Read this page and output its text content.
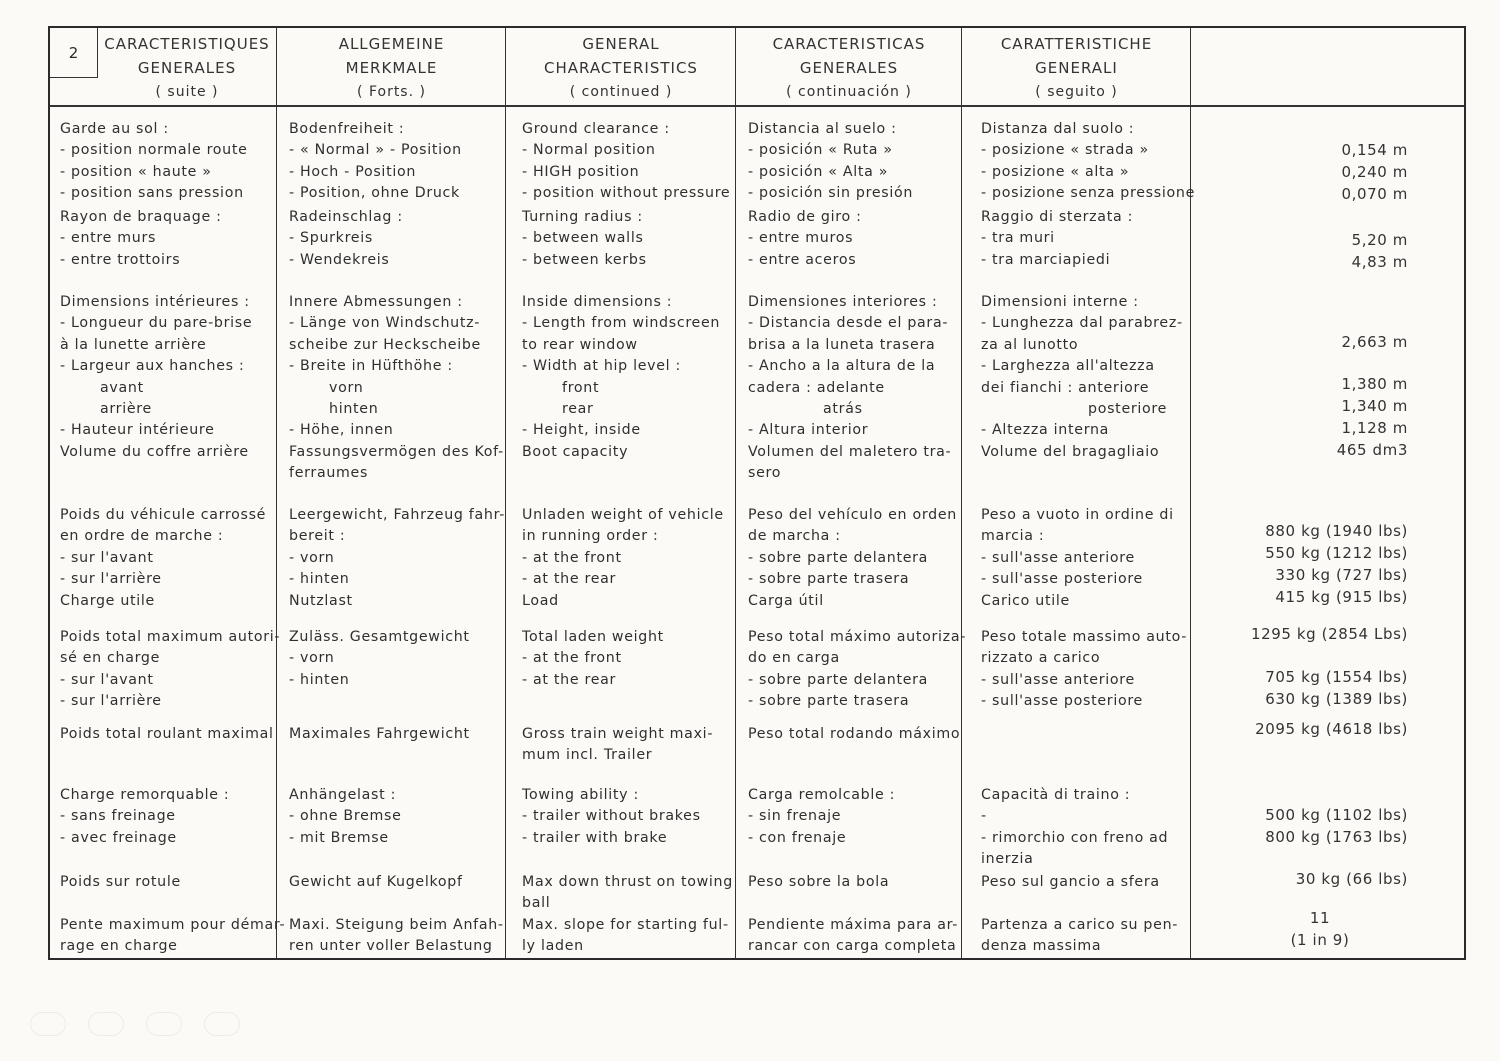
2	CARACTERISTIQUES
GENERALES
( suite )
ALLGEMEINE
MERKMALE
( Forts. )
GENERAL
CHARACTERISTICS
( continued )
CARACTERISTICAS
GENERALES
( continuación )
CARATTERISTICHE
GENERALI
( seguito )
Garde au sol :
- position normale route
- position « haute »
- position sans pression
Rayon de braquage :
- entre murs
- entre trottoirs
Dimensions intérieures :
- Longueur du pare-brise
à la lunette arrière
- Largeur aux hanches :
avant
arrière
- Hauteur intérieure
Volume du coffre arrière
Poids du véhicule carrossé
en ordre de marche :
- sur l'avant
- sur l'arrière
Charge utile
Poids total maximum autori-
sé en charge
- sur l'avant
- sur l'arrière
Poids total roulant maximal
Charge remorquable :
- sans freinage
- avec freinage
Poids sur rotule
Pente maximum pour démar-
rage en charge
Bodenfreiheit :
- « Normal » - Position
- Hoch - Position
- Position, ohne Druck
Radeinschlag :
- Spurkreis
- Wendekreis
Innere Abmessungen :
- Länge von Windschutz-
scheibe zur Heckscheibe
- Breite in Hüfthöhe :
vorn
hinten
- Höhe, innen
Fassungsvermögen des Kof-
ferraumes
Leergewicht, Fahrzeug fahr-
bereit :
- vorn
- hinten
Nutzlast
Zuläss. Gesamtgewicht
- vorn
- hinten
Maximales Fahrgewicht
Anhängelast :
- ohne Bremse
- mit Bremse
Gewicht auf Kugelkopf
Maxi. Steigung beim Anfah-
ren unter voller Belastung
Ground clearance :
- Normal position
- HIGH position
- position without pressure
Turning radius :
- between walls
- between kerbs
Inside dimensions :
- Length from windscreen
to rear window
- Width at hip level :
front
rear
- Height, inside
Boot capacity
Unladen weight of vehicle
in running order :
- at the front
- at the rear
Load
Total laden weight
- at the front
- at the rear
Gross train weight maxi-
mum incl. Trailer
Towing ability :
- trailer without brakes
- trailer with brake
Max down thrust on towing
ball
Max. slope for starting ful-
ly laden
Distancia al suelo :
- posición « Ruta »
- posición « Alta »
- posición sin presión
Radio de giro :
- entre muros
- entre aceros
Dimensiones interiores :
- Distancia desde el para-
brisa a la luneta trasera
- Ancho a la altura de la
cadera : adelante
atrás
- Altura interior
Volumen del maletero tra-
sero
Peso del vehículo en orden
de marcha :
- sobre parte delantera
- sobre parte trasera
Carga útil
Peso total máximo autoriza-
do en carga
- sobre parte delantera
- sobre parte trasera
Peso total rodando máximo
Carga remolcable :
- sin frenaje
- con frenaje
Peso sobre la bola
Pendiente máxima para ar-
rancar con carga completa
Distanza dal suolo :
- posizione « strada »
- posizione « alta »
- posizione senza pressione
Raggio di sterzata :
- tra muri
- tra marciapiedi
Dimensioni interne :
- Lunghezza dal parabrez-
za al lunotto
- Larghezza all'altezza
dei fianchi : anteriore
posteriore
- Altezza interna
Volume del bragagliaio
Peso a vuoto in ordine di
marcia :
- sull'asse anteriore
- sull'asse posteriore
Carico utile
Peso totale massimo auto-
rizzato a carico
- sull'asse anteriore
- sull'asse posteriore
Capacità di traino :
-
- rimorchio con freno ad
inerzia
Peso sul gancio a sfera
Partenza a carico su pen-
denza massima
0,154 m
0,240 m
0,070 m
5,20 m
4,83 m
2,663 m
1,380 m
1,340 m
1,128 m
465 dm3
880 kg (1940 lbs)
550 kg (1212 lbs)
330 kg (727 lbs)
415 kg (915 lbs)
1295 kg (2854 Lbs)
705 kg (1554 lbs)
630 kg (1389 lbs)
2095 kg (4618 lbs)
500 kg (1102 lbs)
800 kg (1763 lbs)
30 kg (66 lbs)
11
(1 in 9)
